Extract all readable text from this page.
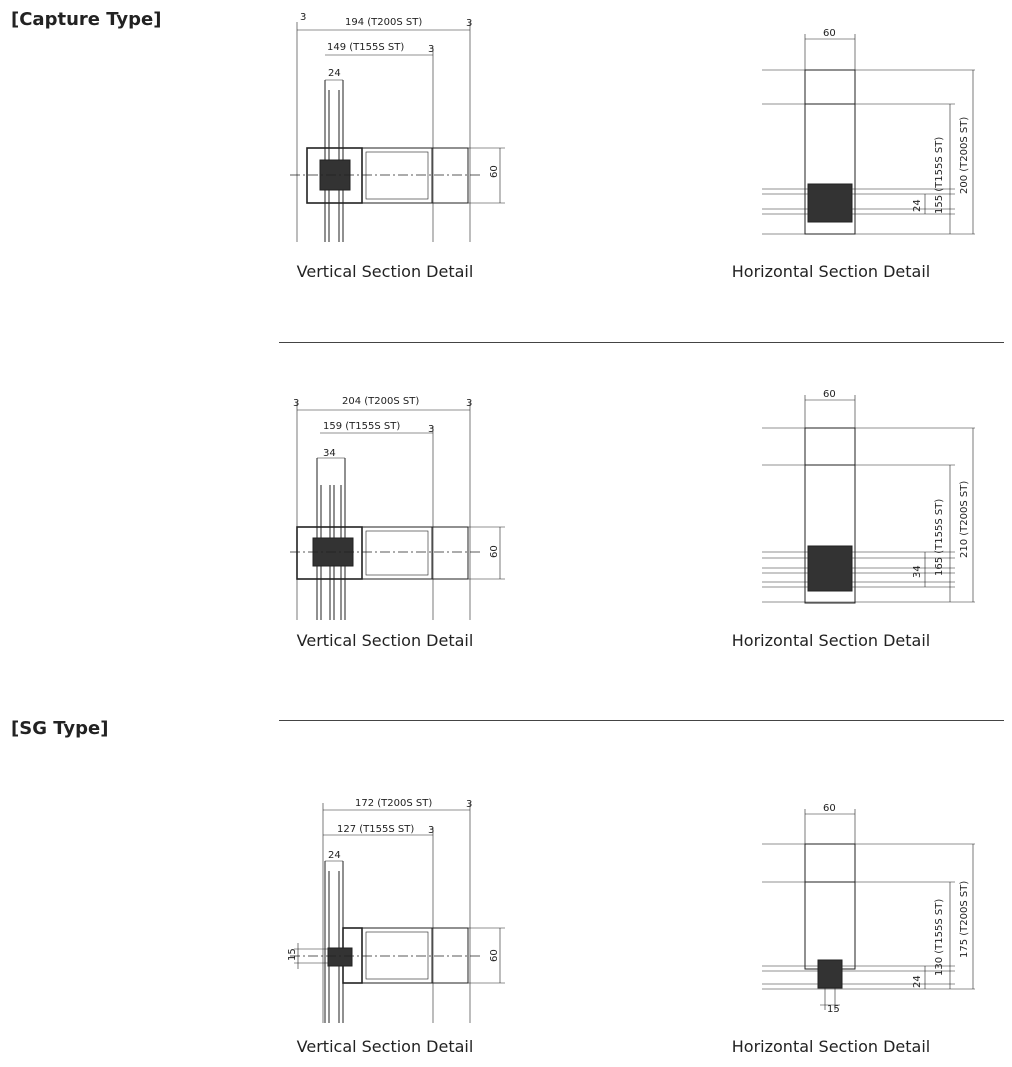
[Capture Type]
[SG Type]
3
3
194 (T200S ST)
3
149 (T155S ST)
24
60
Vertical Section Detail
60
24 155 (T155S ST) 200 (T200S ST)
Horizontal Section Detail
3	3
204 (T200S ST)
3
159 (T155S ST)
34
60
Vertical Section Detail
60
34 165 (T155S ST) 210 (T200S ST)
Horizontal Section Detail
3
172 (T200S ST)
3
127 (T155S ST)
24
15	60
Vertical Section Detail
60
15
24
130 (T155S ST) 175 (T200S ST)
Horizontal Section Detail
